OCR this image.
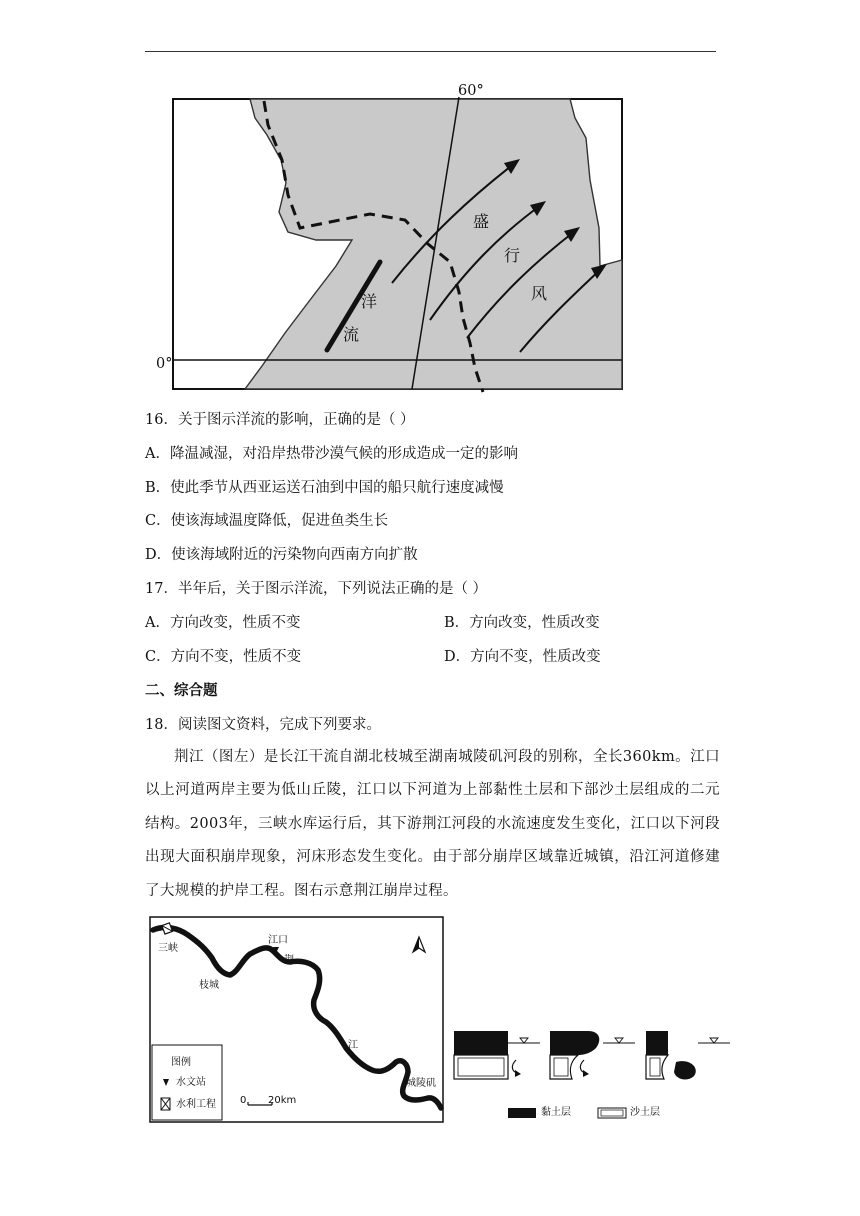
0°
60°
盛
行
风
洋
流
16．关于图示洋流的影响，正确的是（ ）
A．降温减湿，对沿岸热带沙漠气候的形成造成一定的影响
B．使此季节从西亚运送石油到中国的船只航行速度减慢
C．使该海域温度降低，促进鱼类生长
D．使该海域附近的污染物向西南方向扩散
17．半年后，关于图示洋流，下列说法正确的是（ ）
A．方向改变，性质不变	B．方向改变，性质改变
C．方向不变，性质不变	D．方向不变，性质改变
二、综合题
18．阅读图文资料，完成下列要求。
荆江（图左）是长江干流自湖北枝城至湖南城陵矶河段的别称，全长360km。江口以上河道两岸主要为低山丘陵，江口以下河道为上部黏性土层和下部沙土层组成的二元结构。2003年，三峡水库运行后，其下游荆江河段的水流速度发生变化，江口以下河段出现大面积崩岸现象，河床形态发生变化。由于部分崩岸区域靠近城镇，沿江河道修建了大规模的护岸工程。图右示意荆江崩岸过程。
三峡
枝城
江口
荆
江
城陵矶
图例
水文站
水利工程 0 20km
黏土层	沙土层
